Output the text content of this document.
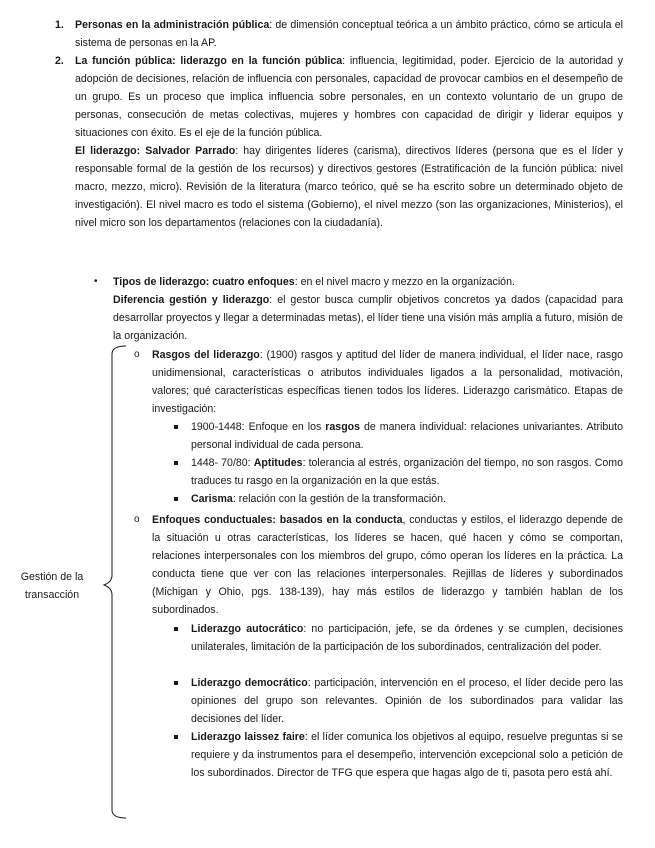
1. Personas en la administración pública: de dimensión conceptual teórica a un ámbito práctico, cómo se articula el sistema de personas en la AP.

2. La función pública: liderazgo en la función pública: influencia, legitimidad, poder. Ejercicio de la autoridad y adopción de decisiones, relación de influencia con personales, capacidad de provocar cambios en el desempeño de un grupo. Es un proceso que implica influencia sobre personales, en un contexto voluntario de un grupo de personas, consecución de metas colectivas, mujeres y hombres con capacidad de dirigir y liderar equipos y situaciones con éxito. Es el eje de la función pública.

El liderazgo: Salvador Parrado: hay dirigentes líderes (carisma), directivos líderes (persona que es el líder y responsable formal de la gestión de los recursos) y directivos gestores (Estratificación de la función pública: nivel macro, mezzo, micro). Revisión de la literatura (marco teórico, qué se ha escrito sobre un determinado objeto de investigación). El nivel macro es todo el sistema (Gobierno), el nivel mezzo (son las organizaciones, Ministerios), el nivel micro son los departamentos (relaciones con la ciudadanía).

• Tipos de liderazgo: cuatro enfoques: en el nivel macro y mezzo en la organización.

Diferencia gestión y liderazgo: el gestor busca cumplir objetivos concretos ya dados (capacidad para desarrollar proyectos y llegar a determinadas metas), el líder tiene una visión más amplia a futuro, misión de la organización.

Gestión de la transacción
o Rasgos del liderazgo: (1900) rasgos y aptitud del líder de manera individual, el líder nace, rasgo unidimensional, características o atributos individuales ligados a la personalidad, motivación, valores; qué características específicas tienen todos los líderes. Liderazgo carismático. Etapas de investigación:

1900-1448: Enfoque en los rasgos de manera individual: relaciones univariantes. Atributo personal individual de cada persona.

1448- 70/80: Aptitudes: tolerancia al estrés, organización del tiempo, no son rasgos. Como traduces tu rasgo en la organización en la que estás.

Carisma: relación con la gestión de la transformación.

o Enfoques conductuales: basados en la conducta, conductas y estilos, el liderazgo depende de la situación u otras características, los líderes se hacen, qué hacen y cómo se comportan, relaciones interpersonales con los miembros del grupo, cómo operan los líderes en la práctica. La conducta tiene que ver con las relaciones interpersonales. Rejillas de líderes y subordinados (Michigan y Ohio, pgs. 138-139), hay más estilos de liderazgo y también hablan de los subordinados.

Liderazgo autocrático: no participación, jefe, se da órdenes y se cumplen, decisiones unilaterales, limitación de la participación de los subordinados, centralización del poder.

Liderazgo democrático: participación, intervención en el proceso, el líder decide pero las opiniones del grupo son relevantes. Opinión de los subordinados para validar las decisiones del líder.

Liderazgo laissez faire: el líder comunica los objetivos al equipo, resuelve preguntas si se requiere y da instrumentos para el desempeño, intervención excepcional solo a petición de los subordinados. Director de TFG que espera que hagas algo de ti, pasota pero está ahí.
